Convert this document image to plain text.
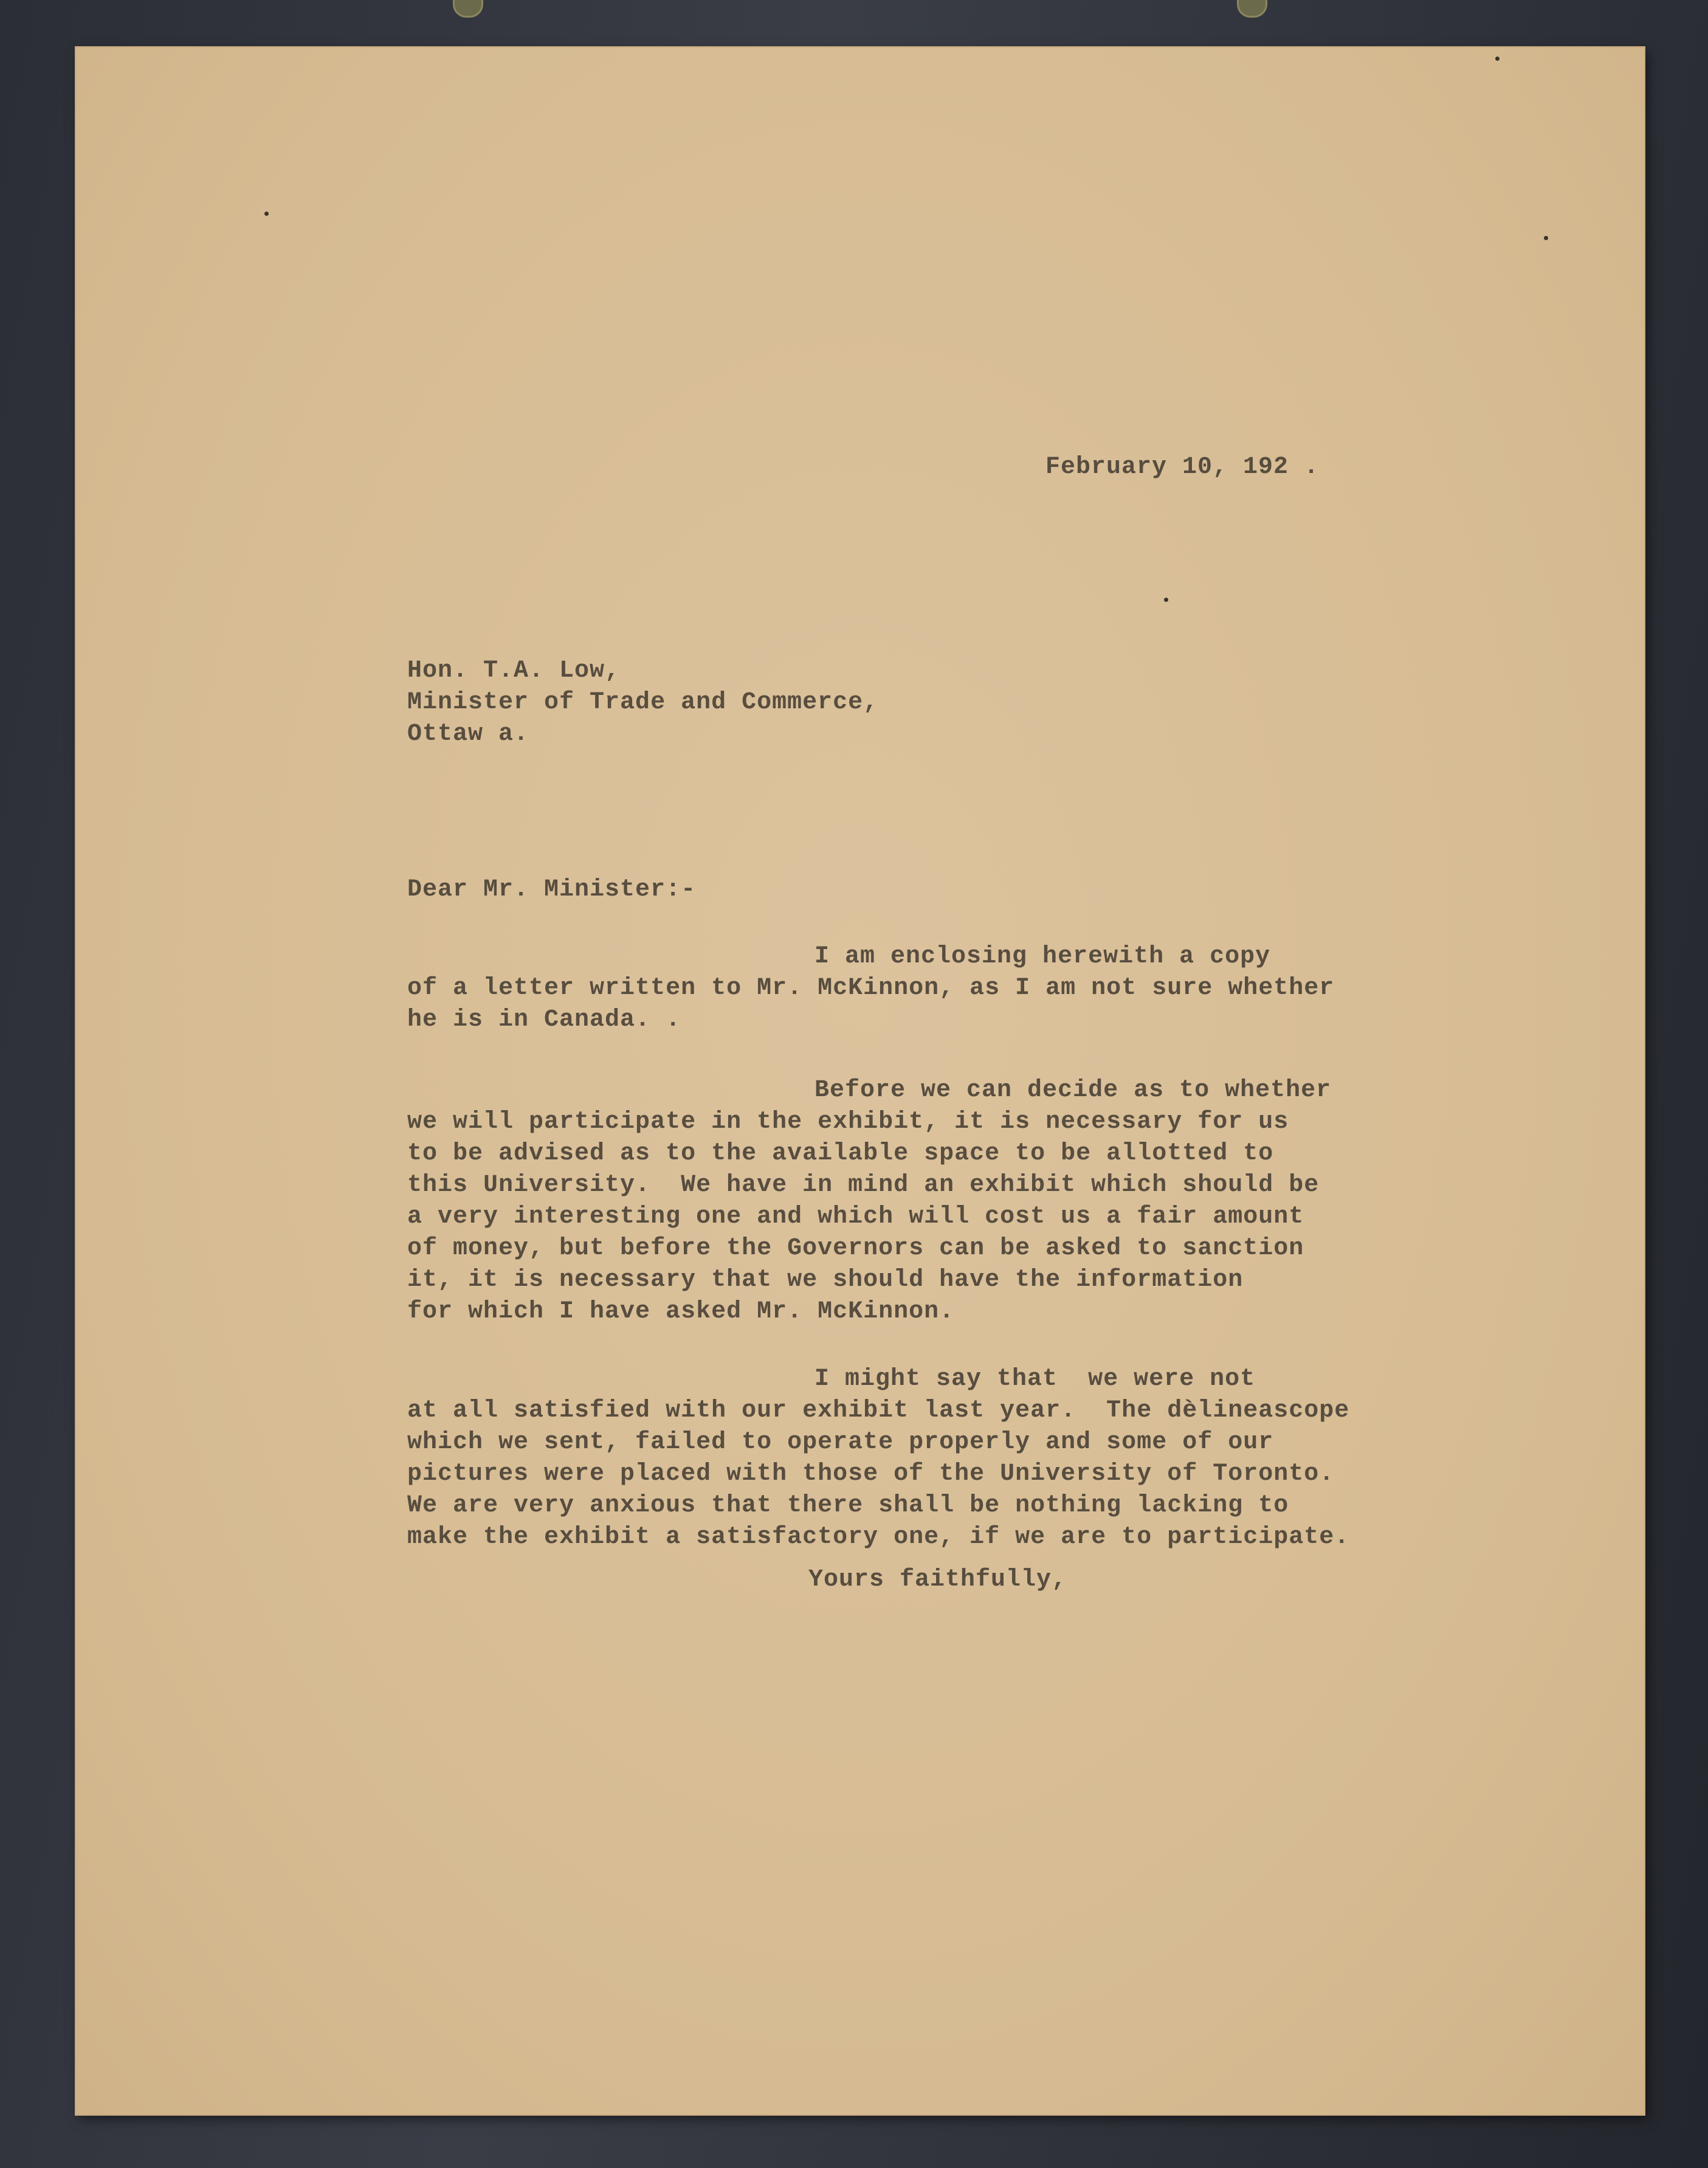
February 10, 192 .
Hon. T.A. Low,
Minister of Trade and Commerce,
Ottaw a.
Dear Mr. Minister:-
I am enclosing herewith a copy
of a letter written to Mr. McKinnon, as I am not sure whether
he is in Canada. .
Before we can decide as to whether
we will participate in the exhibit, it is necessary for us
to be advised as to the available space to be allotted to
this University.  We have in mind an exhibit which should be
a very interesting one and which will cost us a fair amount
of money, but before the Governors can be asked to sanction
it, it is necessary that we should have the information
for which I have asked Mr. McKinnon.
I might say that  we were not
at all satisfied with our exhibit last year.  The dèlineascope
which we sent, failed to operate properly and some of our
pictures were placed with those of the University of Toronto.
We are very anxious that there shall be nothing lacking to
make the exhibit a satisfactory one, if we are to participate.
Yours faithfully,
